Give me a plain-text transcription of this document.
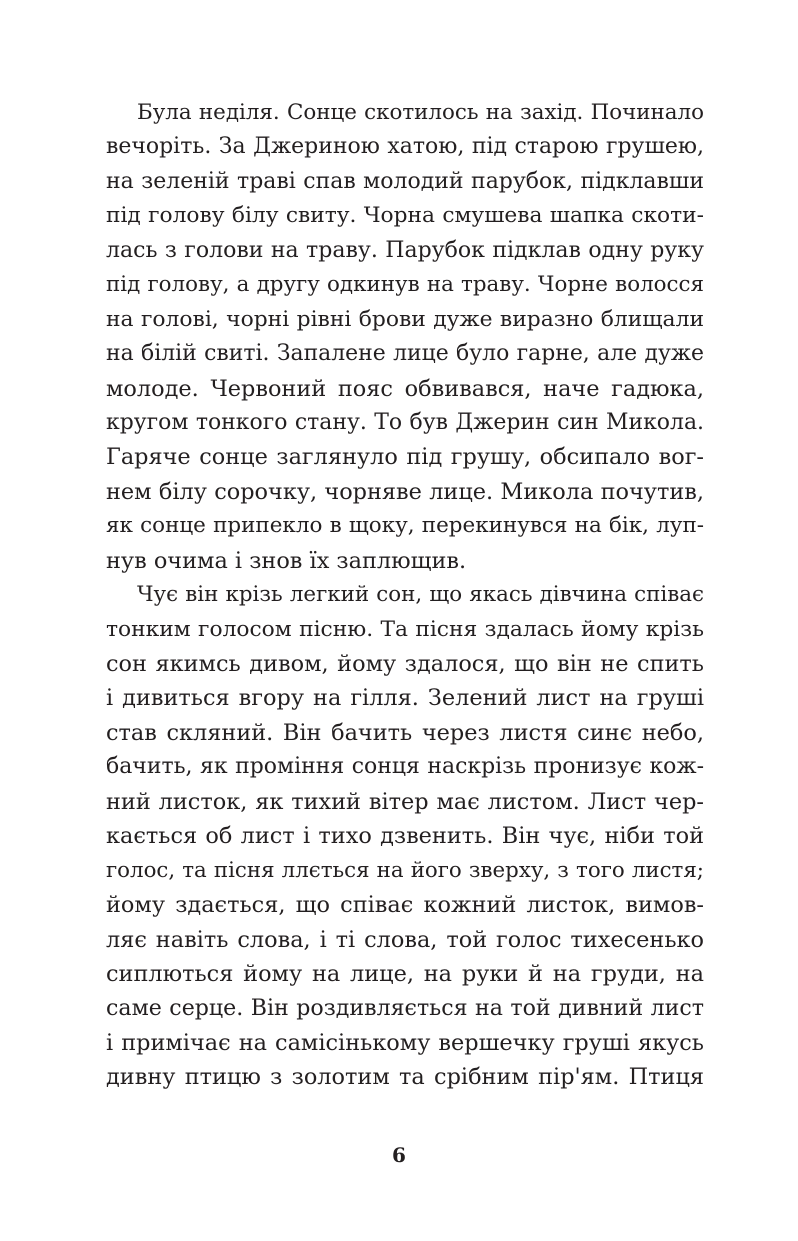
Була неділя. Сонце скотилось на захід. Починало
вечоріть. За Джериною хатою, під старою грушею,
на зеленій траві спав молодий парубок, підклавши
під голову білу свиту. Чорна смушева шапка скоти-
лась з голови на траву. Парубок підклав одну руку
під голову, а другу одкинув на траву. Чорне волосся
на голові, чорні рівні брови дуже виразно блищали
на білій свиті. Запалене лице було гарне, але дуже
молоде. Червоний пояс обвивався, наче гадюка,
кругом тонкого стану. То був Джерин син Микола.
Гаряче сонце заглянуло під грушу, обсипало вог-
нем білу сорочку, чорняве лице. Микола почутив,
як сонце припекло в щоку, перекинувся на бік, луп-
нув очима і знов їх заплющив.
Чує він крізь легкий сон, що якась дівчина співає
тонким голосом пісню. Та пісня здалась йому крізь
сон якимсь дивом, йому здалося, що він не спить
і дивиться вгору на гілля. Зелений лист на груші
став скляний. Він бачить через листя синє небо,
бачить, як проміння сонця наскрізь пронизує кож-
ний листок, як тихий вітер має листом. Лист чер-
кається об лист і тихо дзвенить. Він чує, ніби той
голос, та пісня ллється на його зверху, з того листя;
йому здається, що співає кожний листок, вимов-
ляє навіть слова, і ті слова, той голос тихесенько
сиплються йому на лице, на руки й на груди, на
саме серце. Він роздивляється на той дивний лист
і примічає на самісінькому вершечку груші якусь
дивну птицю з золотим та срібним пір'ям. Птиця
6
